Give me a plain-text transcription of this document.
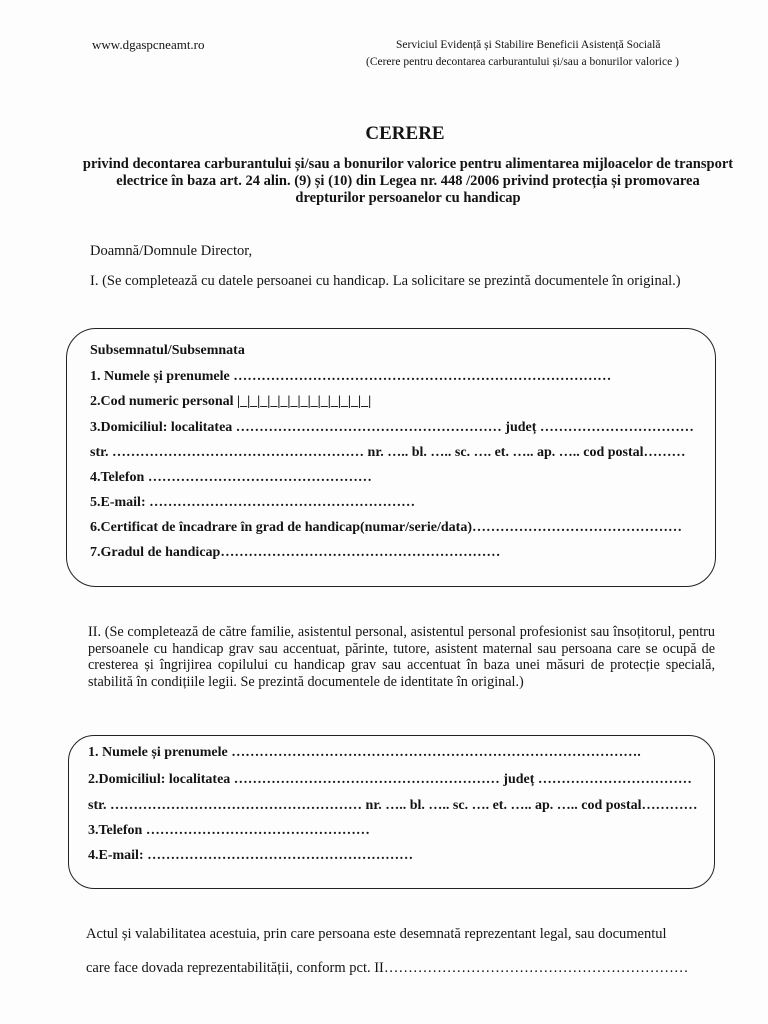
www.dgaspcneamt.ro	Serviciul Evidență și Stabilire Beneficii Asistență Socială
(Cerere pentru decontarea carburantului și/sau a bonurilor valorice )
CERERE
privind decontarea carburantului și/sau a bonurilor valorice pentru alimentarea mijloacelor de transport electrice în baza art. 24 alin. (9) și (10) din Legea nr. 448 /2006 privind protecția și promovarea drepturilor persoanelor cu handicap
Doamnă/Domnule Director,
I. (Se completează cu datele persoanei cu handicap. La solicitare se prezintă documentele în original.)
Subsemnatul/Subsemnata
1. Numele și prenumele ………………………………………………………………………
2.Cod numeric personal |_|_|_|_|_|_|_|_|_|_|_|_|_|
3.Domiciliul: localitatea ………………………………………………… județ ……………………………
str. ……………………………………………… nr. ….. bl. ….. sc. …. et. ….. ap. ….. cod postal………
4.Telefon …………………………………………
5.E-mail: …………………………………………………
6.Certificat de încadrare în grad de handicap(numar/serie/data)………………………………………
7.Gradul de handicap……………………………………………………
II. (Se completează de către familie, asistentul personal, asistentul personal profesionist sau însoțitorul, pentru persoanele cu handicap grav sau accentuat, părinte, tutore, asistent maternal sau persoana care se ocupă de cresterea și îngrijirea copilului cu handicap grav sau accentuat în baza unei măsuri de protecție specială, stabilită în condițiile legii. Se prezintă documentele de identitate în original.)
1. Numele și prenumele …………………………………………………………………………….
2.Domiciliul: localitatea ………………………………………………… județ ……………………………
str. ……………………………………………… nr. ….. bl. ….. sc. …. et. ….. ap. ….. cod postal…………
3.Telefon …………………………………………
4.E-mail: …………………………………………………
Actul și valabilitatea acestuia, prin care persoana este desemnată reprezentant legal, sau documentul
care face dovada reprezentabilității, conform pct. II………………………………………………………
